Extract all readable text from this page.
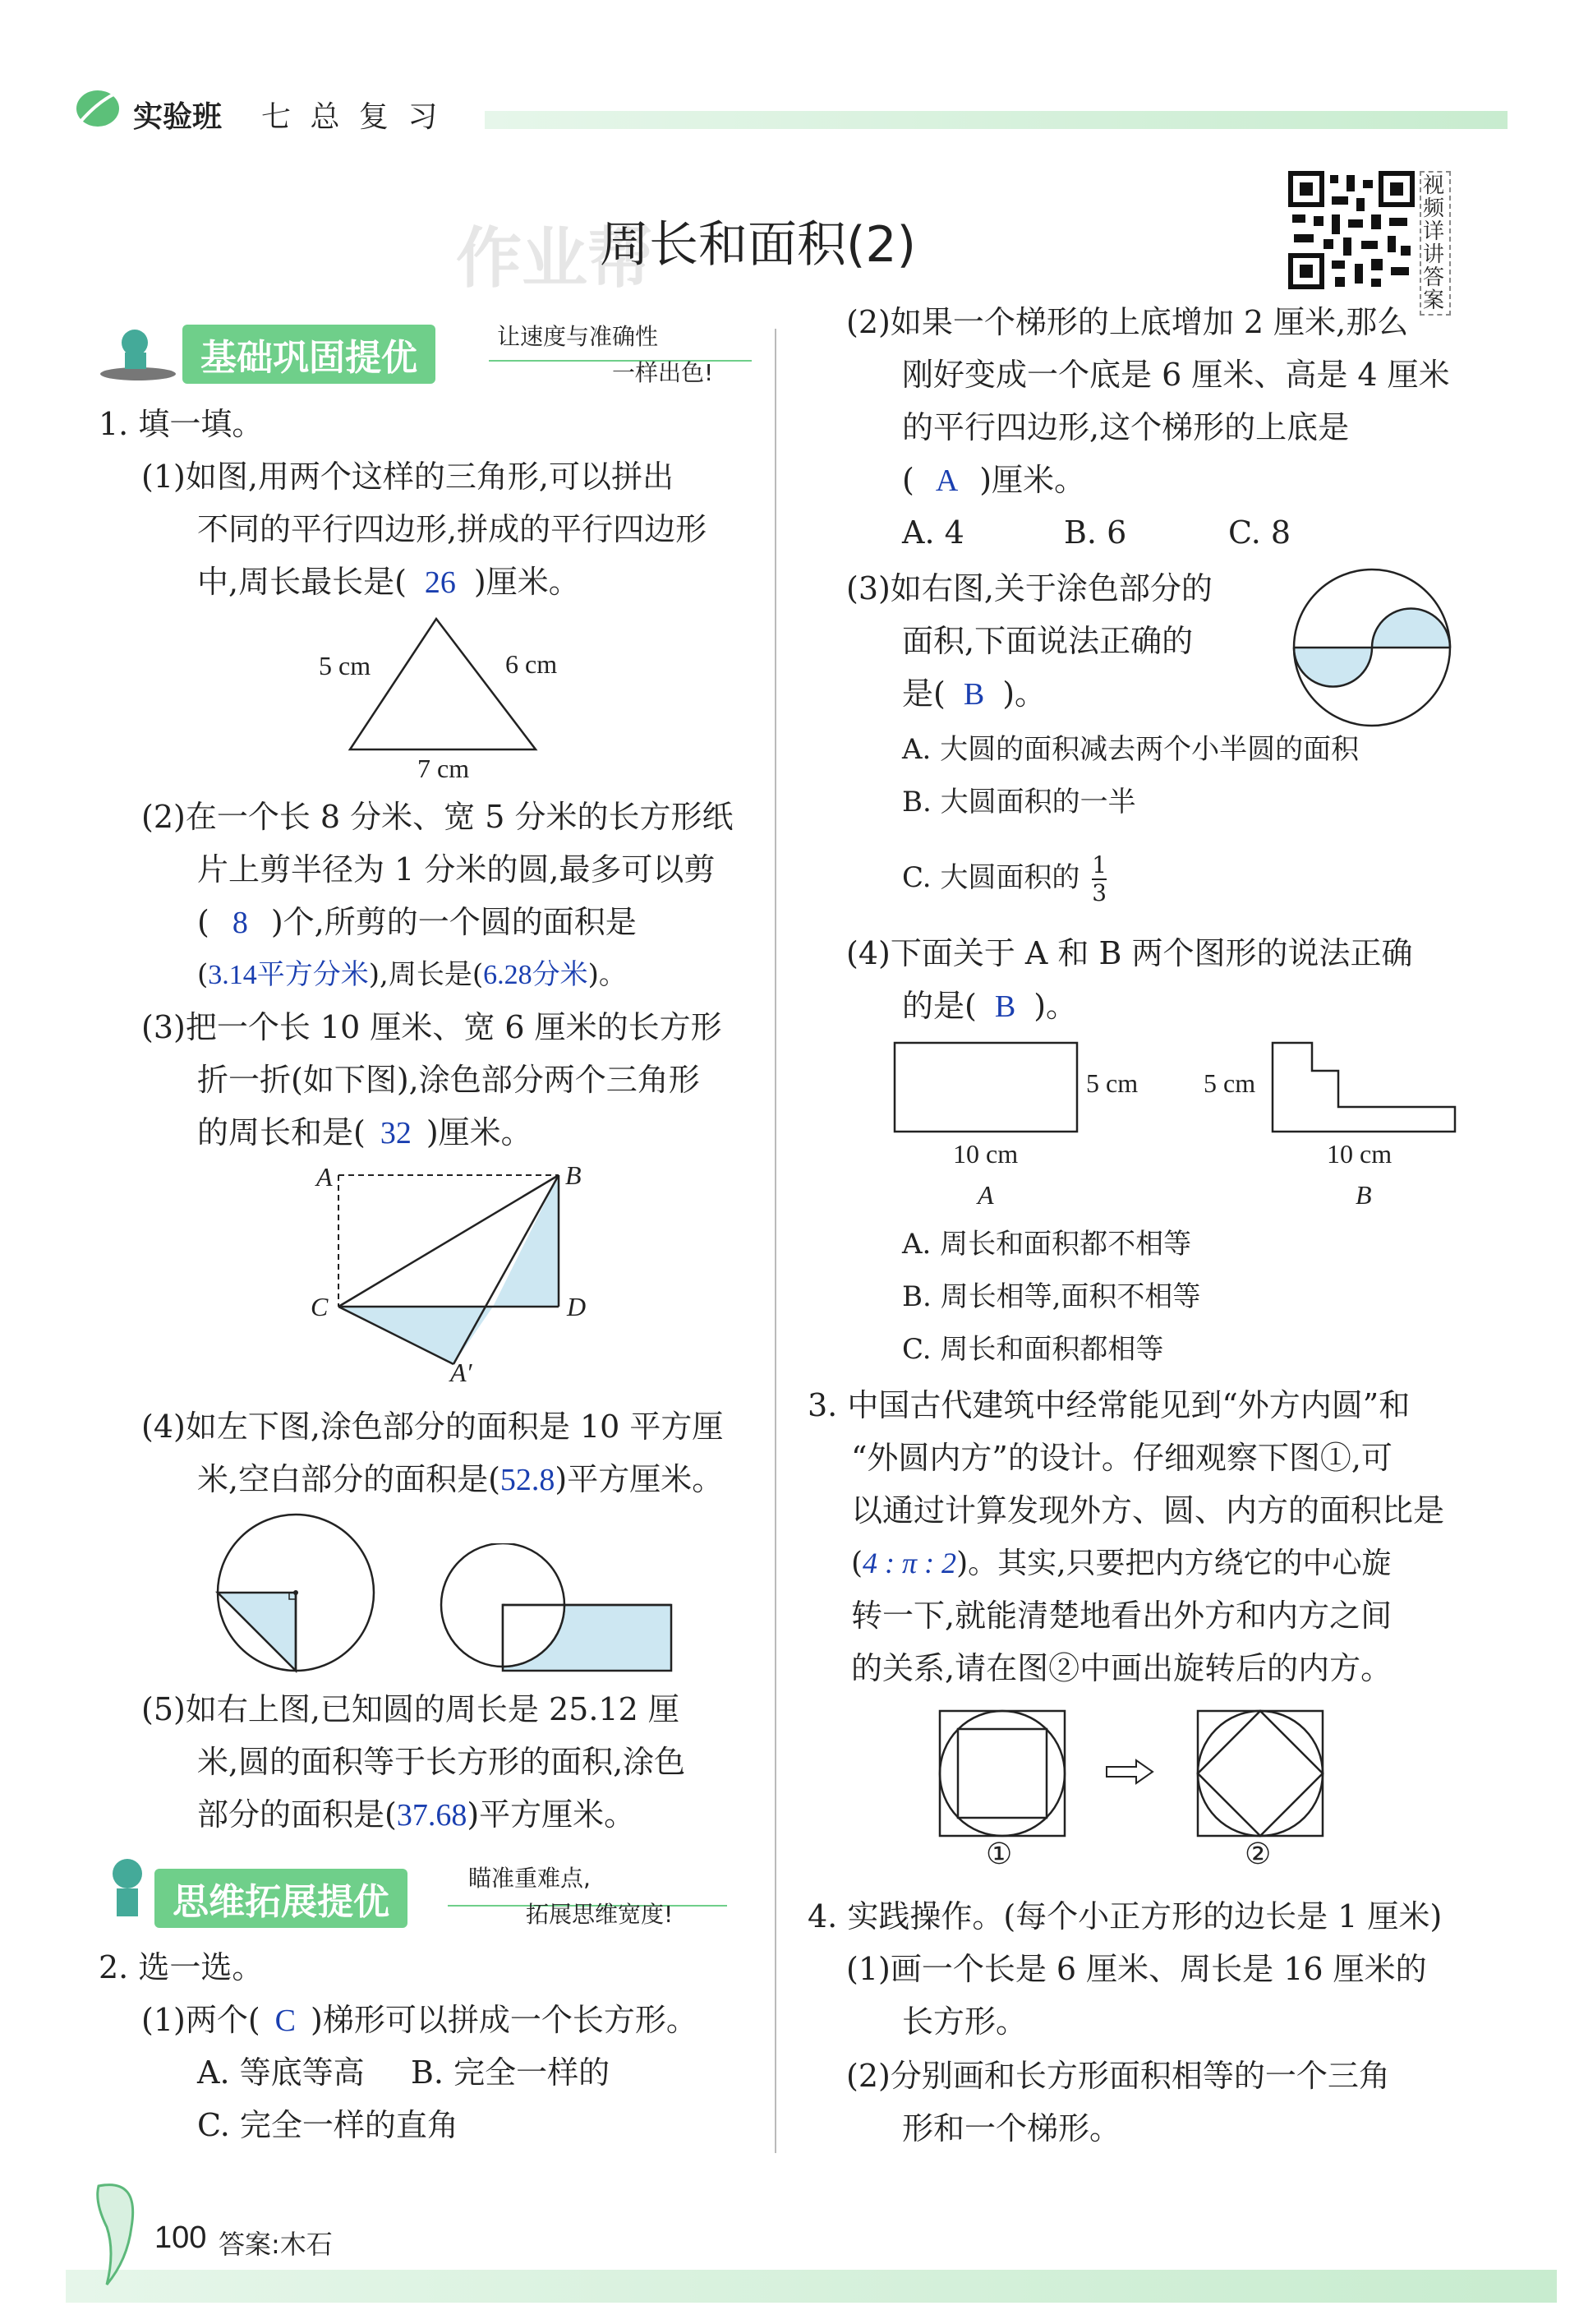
实验班 七 总 复 习
作业帮
周长和面积(2)
视频详讲答案
基础巩固提优
让速度与准确性
一样出色!
1. 填一填。
(1)如图,用两个这样的三角形,可以拼出
不同的平行四边形,拼成的平行四边形
中,周长最长是( 26 )厘米。
5 cm	6 cm
7 cm
(2)在一个长 8 分米、宽 5 分米的长方形纸
片上剪半径为 1 分米的圆,最多可以剪
( 8 )个,所剪的一个圆的面积是
(3.14平方分米),周长是(6.28分米)。
(3)把一个长 10 厘米、宽 6 厘米的长方形
折一折(如下图),涂色部分两个三角形
的周长和是( 32 )厘米。
A	B
C	D
A′
(4)如左下图,涂色部分的面积是 10 平方厘
米,空白部分的面积是(52.8)平方厘米。
(5)如右上图,已知圆的周长是 25.12 厘
米,圆的面积等于长方形的面积,涂色
部分的面积是(37.68)平方厘米。
思维拓展提优
瞄准重难点,
拓展思维宽度!
2. 选一选。
(1)两个( C )梯形可以拼成一个长方形。
A. 等底等高 B. 完全一样的
C. 完全一样的直角
(2)如果一个梯形的上底增加 2 厘米,那么
刚好变成一个底是 6 厘米、高是 4 厘米
的平行四边形,这个梯形的上底是
( A )厘米。
A. 4	B. 6	C. 8
(3)如右图,关于涂色部分的
面积,下面说法正确的
是( B )。
A. 大圆的面积减去两个小半圆的面积
B. 大圆面积的一半
C. 大圆面积的 $\frac{1}{3}$
(4)下面关于 A 和 B 两个图形的说法正确
的是( B )。
5 cm
10 cm
A
5 cm
10 cm
B
A. 周长和面积都不相等
B. 周长相等,面积不相等
C. 周长和面积都相等
3. 中国古代建筑中经常能见到“外方内圆”和
“外圆内方”的设计。仔细观察下图①,可
以通过计算发现外方、圆、内方的面积比是
(4 : π : 2)。其实,只要把内方绕它的中心旋
转一下,就能清楚地看出外方和内方之间
的关系,请在图②中画出旋转后的内方。
①	②
4. 实践操作。(每个小正方形的边长是 1 厘米)
(1)画一个长是 6 厘米、周长是 16 厘米的
长方形。
(2)分别画和长方形面积相等的一个三角
形和一个梯形。
100 答案:木石
